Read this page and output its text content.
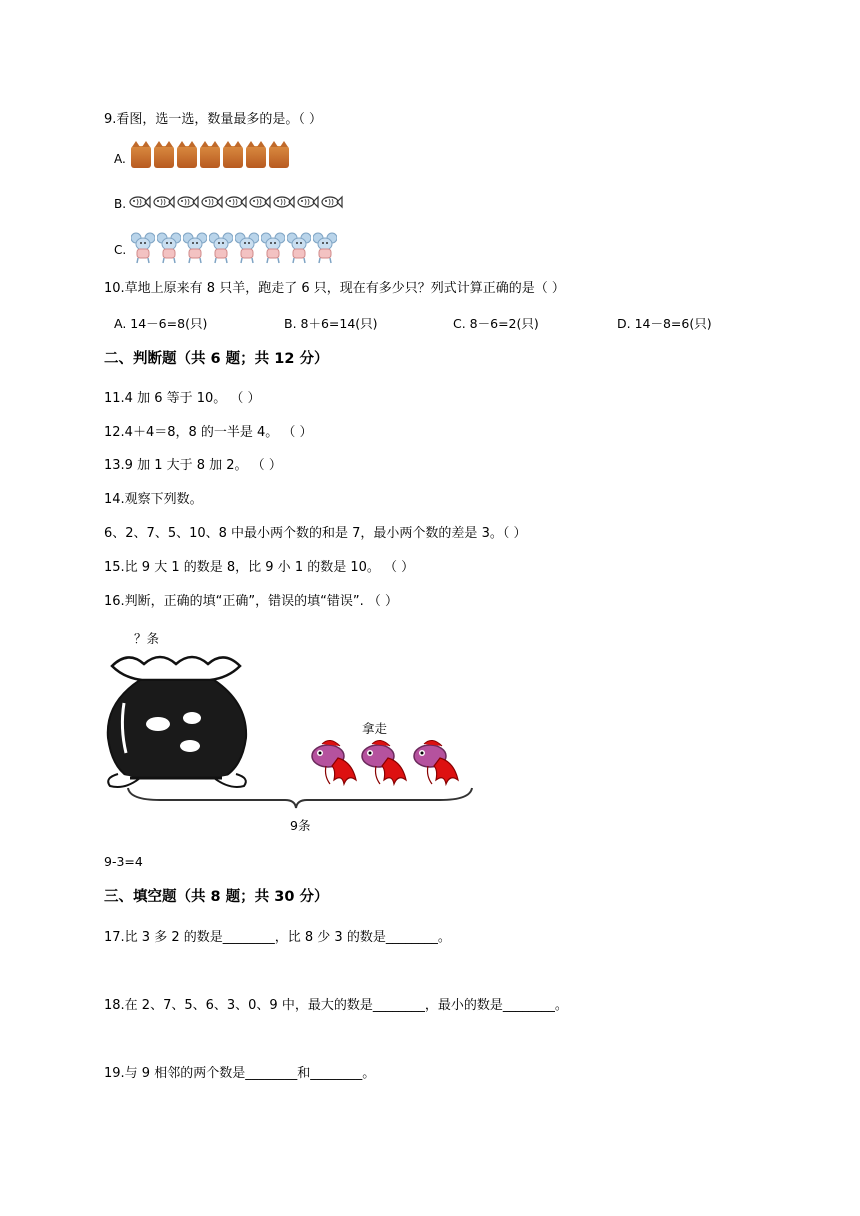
9.看图，选一选，数量最多的是。（ ）
A.
B.
C.
10.草地上原来有 8 只羊，跑走了 6 只，现在有多少只？列式计算正确的是（ ）
A. 14－6=8(只)	B. 8＋6=14(只)	C. 8－6=2(只)	D. 14－8=6(只)
二、判断题（共 6 题；共 12 分）
11.4 加 6 等于 10。 （ ）
12.4＋4＝8，8 的一半是 4。 （ ）
13.9 加 1 大于 8 加 2。 （ ）
14.观察下列数。
6、2、7、5、10、8 中最小两个数的和是 7，最小两个数的差是 3。（ ）
15.比 9 大 1 的数是 8，比 9 小 1 的数是 10。 （ ）
16.判断，正确的填“正确”，错误的填“错误”. （ ）
？条
拿走
9条
9-3=4
三、填空题（共 8 题；共 30 分）
17.比 3 多 2 的数是________，比 8 少 3 的数是________。
18.在 2、7、5、6、3、0、9 中，最大的数是________，最小的数是________。
19.与 9 相邻的两个数是________和________。
